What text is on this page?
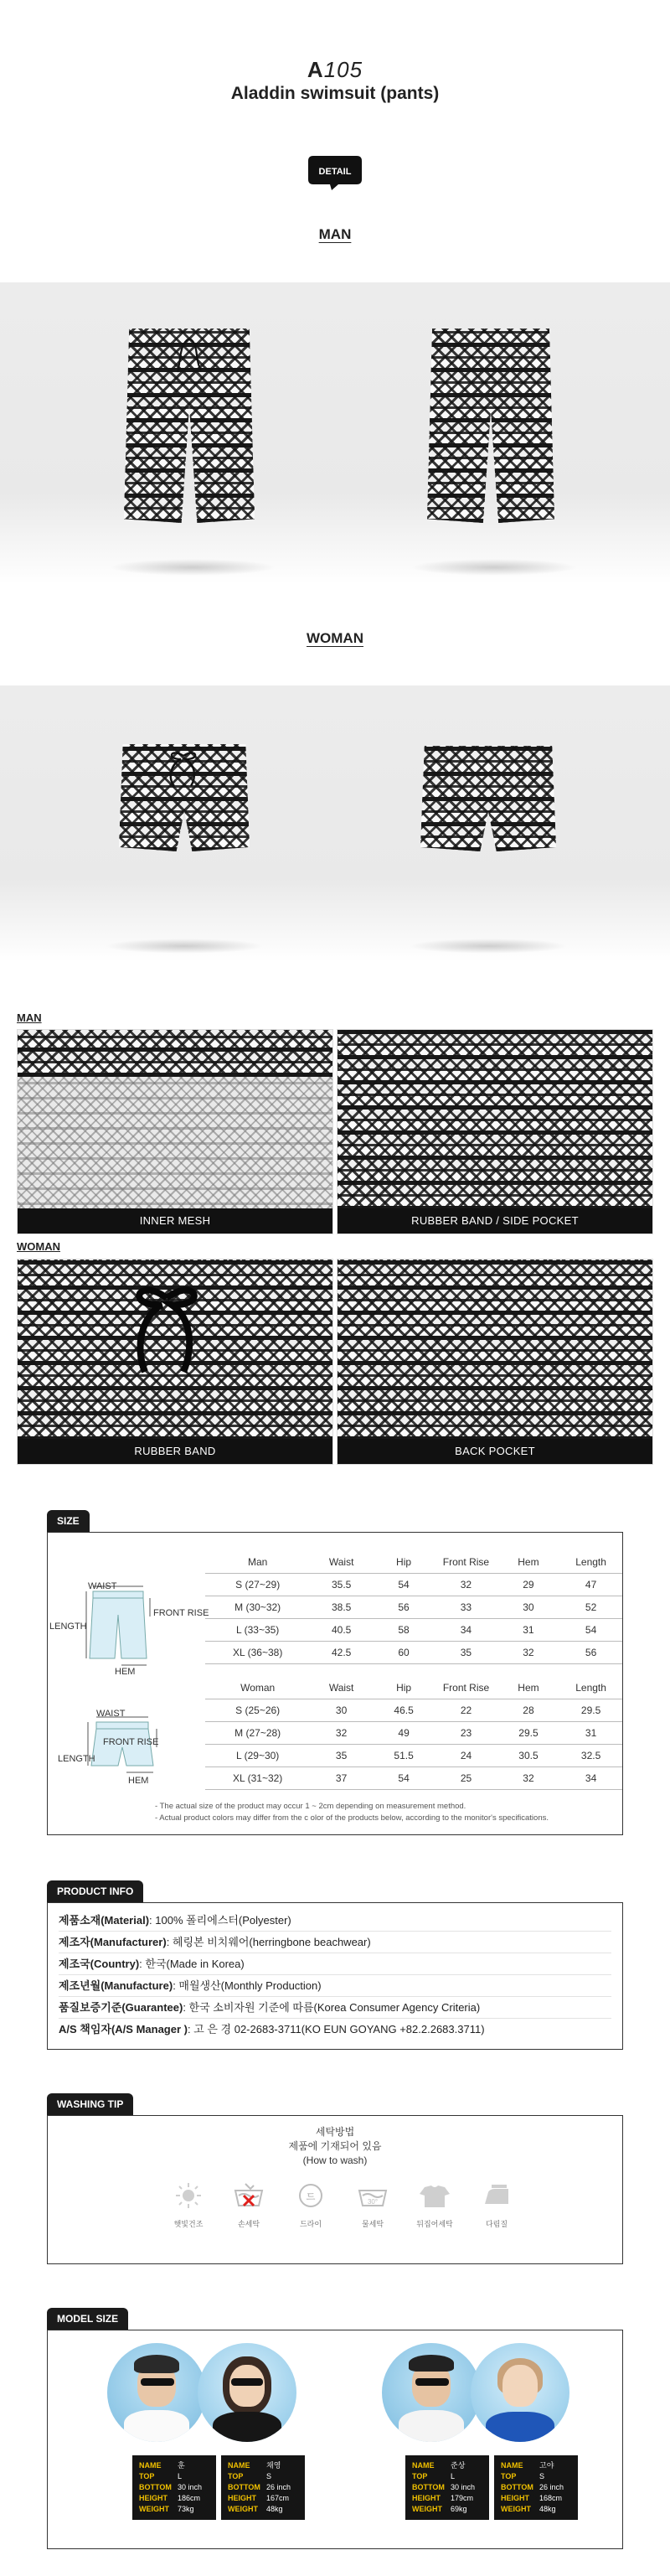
A105
Aladdin swimsuit (pants)
DETAIL
MAN
WOMAN
MAN
INNER MESH	RUBBER BAND / SIDE POCKET
WOMAN
RUBBER BAND	BACK POCKET
SIZE
WAIST
FRONT RISE
LENGTH
HEM
Man	Waist	Hip	Front Rise	Hem	Length
S (27~29)	35.5	54	32	29	47
M (30~32)	38.5	56	33	30	52
L (33~35)	40.5	58	34	31	54
XL (36~38)	42.5	60	35	32	56
WAIST
FRONT RISE
LENGTH
HEM
Woman	Waist	Hip	Front Rise	Hem	Length
S (25~26)	30	46.5	22	28	29.5
M (27~28)	32	49	23	29.5	31
L (29~30)	35	51.5	24	30.5	32.5
XL (31~32)	37	54	25	32	34
- The actual size of the product may occur 1 ~ 2cm depending on measurement method.
- Actual product colors may differ from the c olor of the products below, according to the monitor's specifications.
PRODUCT INFO
제품소재(Material): 100% 폴리에스터(Polyester)
제조자(Manufacturer): 헤링본 비치웨어(herringbone beachwear)
제조국(Country): 한국(Made in Korea)
제조년월(Manufacture): 매월생산(Monthly Production)
품질보증기준(Guarantee): 한국 소비자원 기준에 따름(Korea Consumer Agency Criteria)
A/S 책임자(A/S Manager ): 고 은 경 02-2683-3711(KO EUN GOYANG +82.2.2683.3711)
WASHING TIP
세탁방법
제품에 기재되어 있음
(How to wash)
햇빛건조	손세탁
드
드라이
30°
물세탁	뒤집어세탁	다림질
MODEL SIZE
NAME 훈
TOP	L
BOTTOM 30 inch
HEIGHT 186cm
WEIGHT 73kg
NAME 채영
TOP	S
BOTTOM 26 inch
HEIGHT 167cm
WEIGHT 48kg
NAME 준상
TOP	L
BOTTOM 30 inch
HEIGHT 179cm
WEIGHT 69kg
NAME 고야
TOP	S
BOTTOM 26 inch
HEIGHT 168cm
WEIGHT 48kg
